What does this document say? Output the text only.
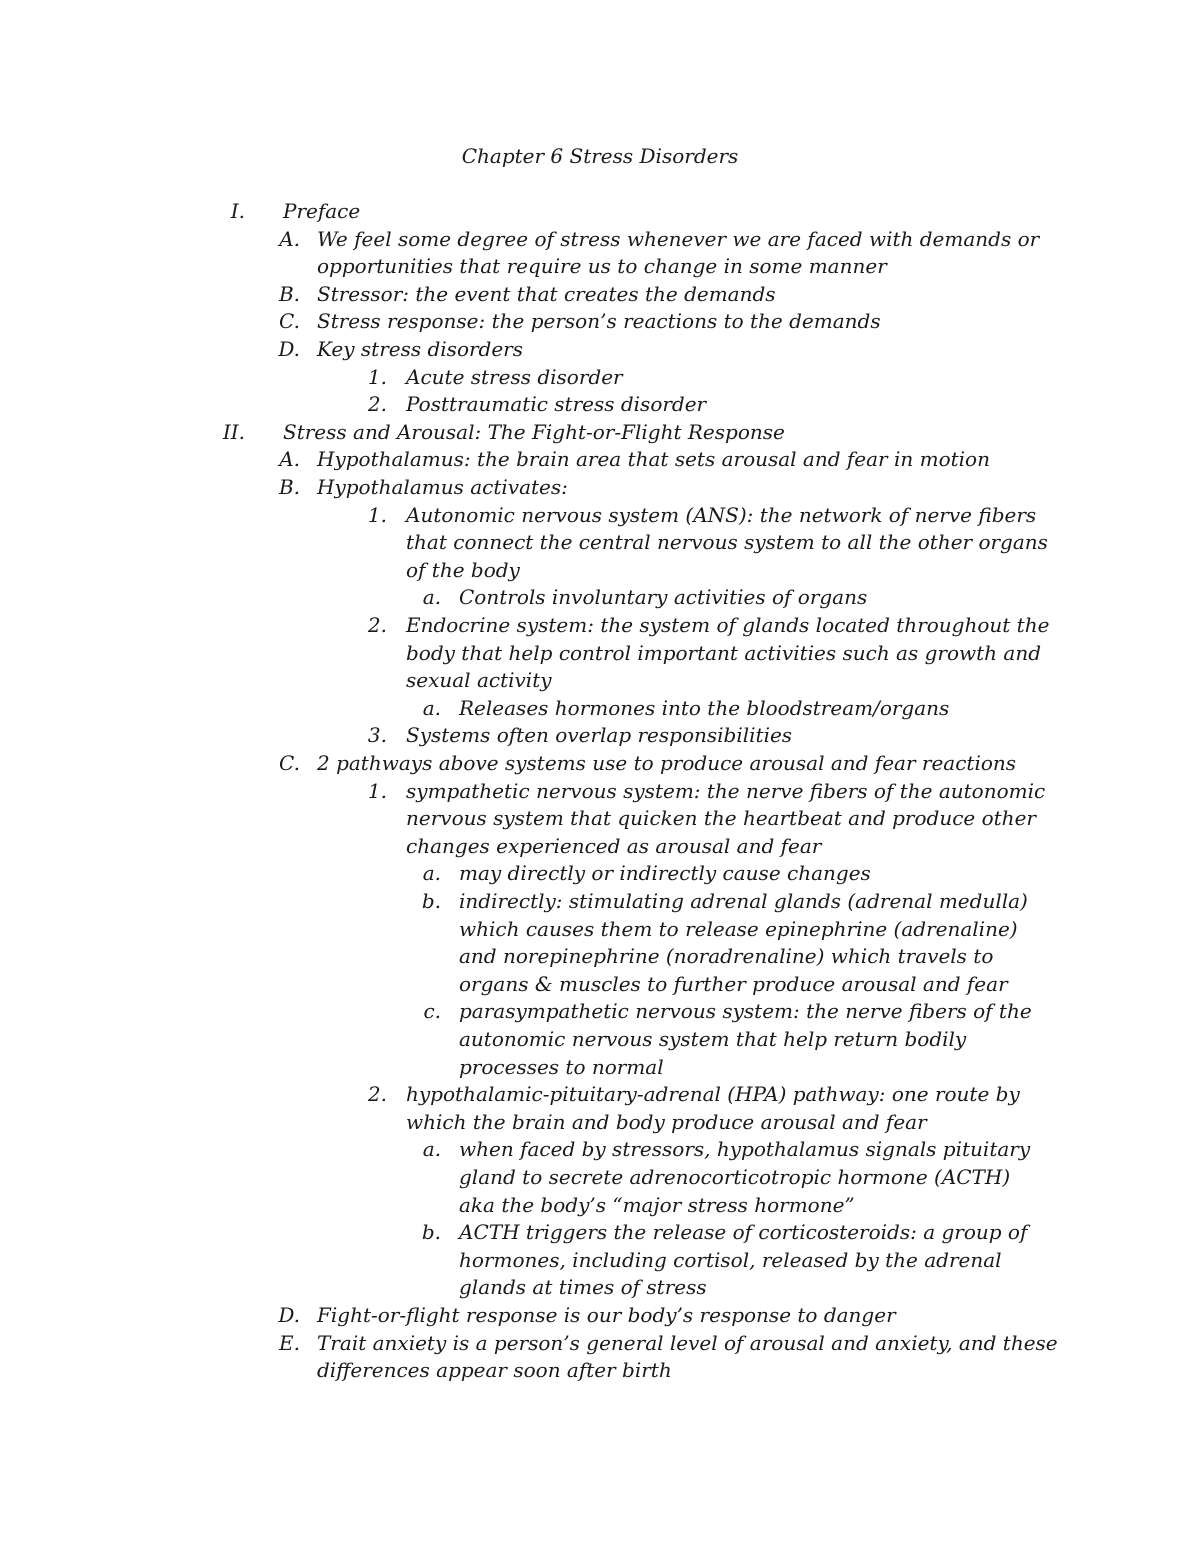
Chapter 6 Stress Disorders
I. Preface
A. We feel some degree of stress whenever we are faced with demands or
opportunities that require us to change in some manner
B. Stressor: the event that creates the demands
C. Stress response: the person’s reactions to the demands
D. Key stress disorders
1. Acute stress disorder
2. Posttraumatic stress disorder
II. Stress and Arousal: The Fight-or-Flight Response
A. Hypothalamus: the brain area that sets arousal and fear in motion
B. Hypothalamus activates:
1. Autonomic nervous system (ANS): the network of nerve fibers
that connect the central nervous system to all the other organs
of the body
a. Controls involuntary activities of organs
2. Endocrine system: the system of glands located throughout the
body that help control important activities such as growth and
sexual activity
a. Releases hormones into the bloodstream/organs
3. Systems often overlap responsibilities
C. 2 pathways above systems use to produce arousal and fear reactions
1. sympathetic nervous system: the nerve fibers of the autonomic
nervous system that quicken the heartbeat and produce other
changes experienced as arousal and fear
a. may directly or indirectly cause changes
b. indirectly: stimulating adrenal glands (adrenal medulla)
which causes them to release epinephrine (adrenaline)
and norepinephrine (noradrenaline) which travels to
organs & muscles to further produce arousal and fear
c. parasympathetic nervous system: the nerve fibers of the
autonomic nervous system that help return bodily
processes to normal
2. hypothalamic-pituitary-adrenal (HPA) pathway: one route by
which the brain and body produce arousal and fear
a. when faced by stressors, hypothalamus signals pituitary
gland to secrete adrenocorticotropic hormone (ACTH)
aka the body’s “major stress hormone”
b. ACTH triggers the release of corticosteroids: a group of
hormones, including cortisol, released by the adrenal
glands at times of stress
D. Fight-or-flight response is our body’s response to danger
E. Trait anxiety is a person’s general level of arousal and anxiety, and these
differences appear soon after birth
